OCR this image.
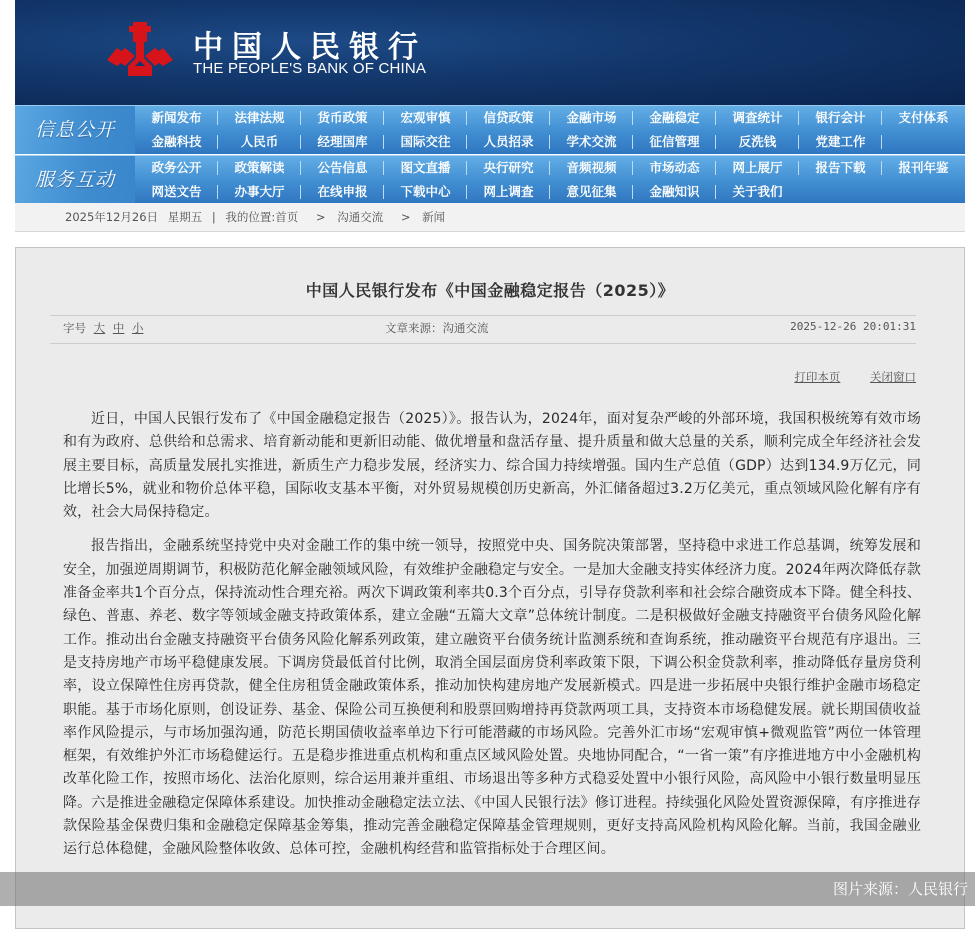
中国人民银行
THE PEOPLE'S BANK OF CHINA
信息公开
新闻发布	法律法规	货币政策	宏观审慎	信贷政策	金融市场	金融稳定	调查统计	银行会计	支付体系
金融科技	人民币	经理国库	国际交往	人员招录	学术交流	征信管理	反洗钱	党建工作
服务互动
政务公开	政策解读	公告信息	图文直播	央行研究	音频视频	市场动态	网上展厅	报告下载	报刊年鉴
网送文告	办事大厅	在线申报	下载中心	网上调查	意见征集	金融知识	关于我们
2025年12月26日 星期五 | 我的位置:首页 > 沟通交流 > 新闻
中国人民银行发布《中国金融稳定报告（2025）》
字号 大 中 小	文章来源：沟通交流	2025-12-26 20:01:31
打印本页	关闭窗口

近日，中国人民银行发布了《中国金融稳定报告（2025）》。报告认为，2024年，面对复杂严峻的外部环境，我国积极统筹有效市场和有为政府、总供给和总需求、培育新动能和更新旧动能、做优增量和盘活存量、提升质量和做大总量的关系，顺利完成全年经济社会发展主要目标，高质量发展扎实推进，新质生产力稳步发展，经济实力、综合国力持续增强。国内生产总值（GDP）达到134.9万亿元，同比增长5%，就业和物价总体平稳，国际收支基本平衡，对外贸易规模创历史新高，外汇储备超过3.2万亿美元，重点领域风险化解有序有效，社会大局保持稳定。

报告指出，金融系统坚持党中央对金融工作的集中统一领导，按照党中央、国务院决策部署，坚持稳中求进工作总基调，统筹发展和安全，加强逆周期调节，积极防范化解金融领域风险，有效维护金融稳定与安全。一是加大金融支持实体经济力度。2024年两次降低存款准备金率共1个百分点，保持流动性合理充裕。两次下调政策利率共0.3个百分点，引导存贷款利率和社会综合融资成本下降。健全科技、绿色、普惠、养老、数字等领域金融支持政策体系，建立金融“五篇大文章”总体统计制度。二是积极做好金融支持融资平台债务风险化解工作。推动出台金融支持融资平台债务风险化解系列政策，建立融资平台债务统计监测系统和查询系统，推动融资平台规范有序退出。三是支持房地产市场平稳健康发展。下调房贷最低首付比例，取消全国层面房贷利率政策下限，下调公积金贷款利率，推动降低存量房贷利率，设立保障性住房再贷款，健全住房租赁金融政策体系，推动加快构建房地产发展新模式。四是进一步拓展中央银行维护金融市场稳定职能。基于市场化原则，创设证券、基金、保险公司互换便利和股票回购增持再贷款两项工具，支持资本市场稳健发展。就长期国债收益率作风险提示，与市场加强沟通，防范长期国债收益率单边下行可能潜藏的市场风险。完善外汇市场“宏观审慎+微观监管”两位一体管理框架，有效维护外汇市场稳健运行。五是稳步推进重点机构和重点区域风险处置。央地协同配合，“一省一策”有序推进地方中小金融机构改革化险工作，按照市场化、法治化原则，综合运用兼并重组、市场退出等多种方式稳妥处置中小银行风险，高风险中小银行数量明显压降。六是推进金融稳定保障体系建设。加快推动金融稳定法立法、《中国人民银行法》修订进程。持续强化风险处置资源保障，有序推进存款保险基金保费归集和金融稳定保障基金筹集，推动完善金融稳定保障基金管理规则，更好支持高风险机构风险化解。当前，我国金融业运行总体稳健，金融风险整体收敛、总体可控，金融机构经营和监管指标处于合理区间。

图片来源：人民银行
